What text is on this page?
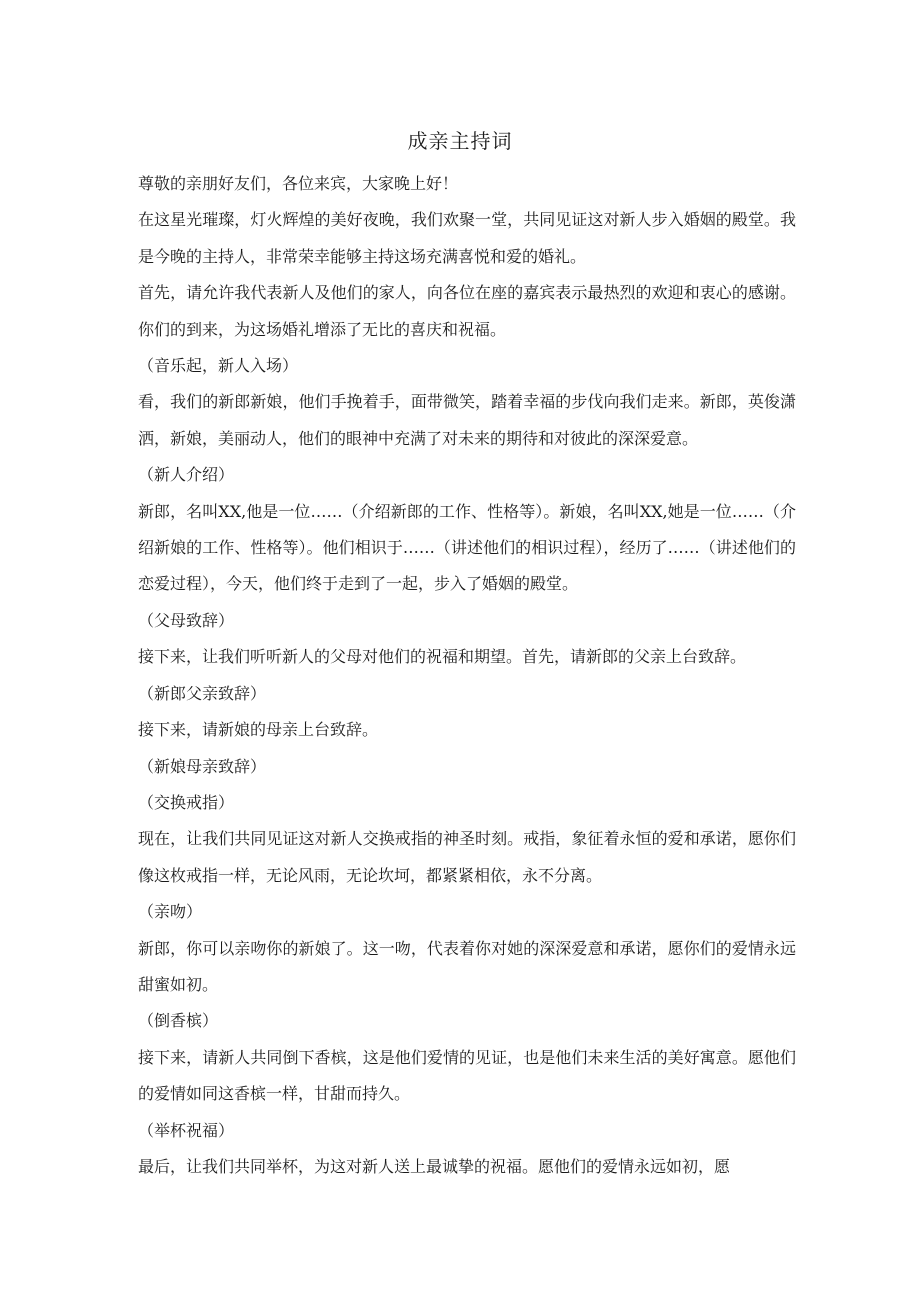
成亲主持词

尊敬的亲朋好友们，各位来宾，大家晚上好！

在这星光璀璨，灯火辉煌的美好夜晚，我们欢聚一堂，共同见证这对新人步入婚姻的殿堂。我是今晚的主持人，非常荣幸能够主持这场充满喜悦和爱的婚礼。

首先，请允许我代表新人及他们的家人，向各位在座的嘉宾表示最热烈的欢迎和衷心的感谢。你们的到来，为这场婚礼增添了无比的喜庆和祝福。

（音乐起，新人入场）

看，我们的新郎新娘，他们手挽着手，面带微笑，踏着幸福的步伐向我们走来。新郎，英俊潇洒，新娘，美丽动人，他们的眼神中充满了对未来的期待和对彼此的深深爱意。

（新人介绍）

新郎，名叫XX,他是一位……（介绍新郎的工作、性格等）。新娘，名叫XX,她是一位……（介绍新娘的工作、性格等）。他们相识于……（讲述他们的相识过程），经历了……（讲述他们的恋爱过程），今天，他们终于走到了一起，步入了婚姻的殿堂。

（父母致辞）

接下来，让我们听听新人的父母对他们的祝福和期望。首先，请新郎的父亲上台致辞。

（新郎父亲致辞）

接下来，请新娘的母亲上台致辞。

（新娘母亲致辞）

（交换戒指）

现在，让我们共同见证这对新人交换戒指的神圣时刻。戒指，象征着永恒的爱和承诺，愿你们像这枚戒指一样，无论风雨，无论坎坷，都紧紧相依，永不分离。

（亲吻）

新郎，你可以亲吻你的新娘了。这一吻，代表着你对她的深深爱意和承诺，愿你们的爱情永远甜蜜如初。

（倒香槟）

接下来，请新人共同倒下香槟，这是他们爱情的见证，也是他们未来生活的美好寓意。愿他们的爱情如同这香槟一样，甘甜而持久。

（举杯祝福）

最后，让我们共同举杯，为这对新人送上最诚挚的祝福。愿他们的爱情永远如初，愿
